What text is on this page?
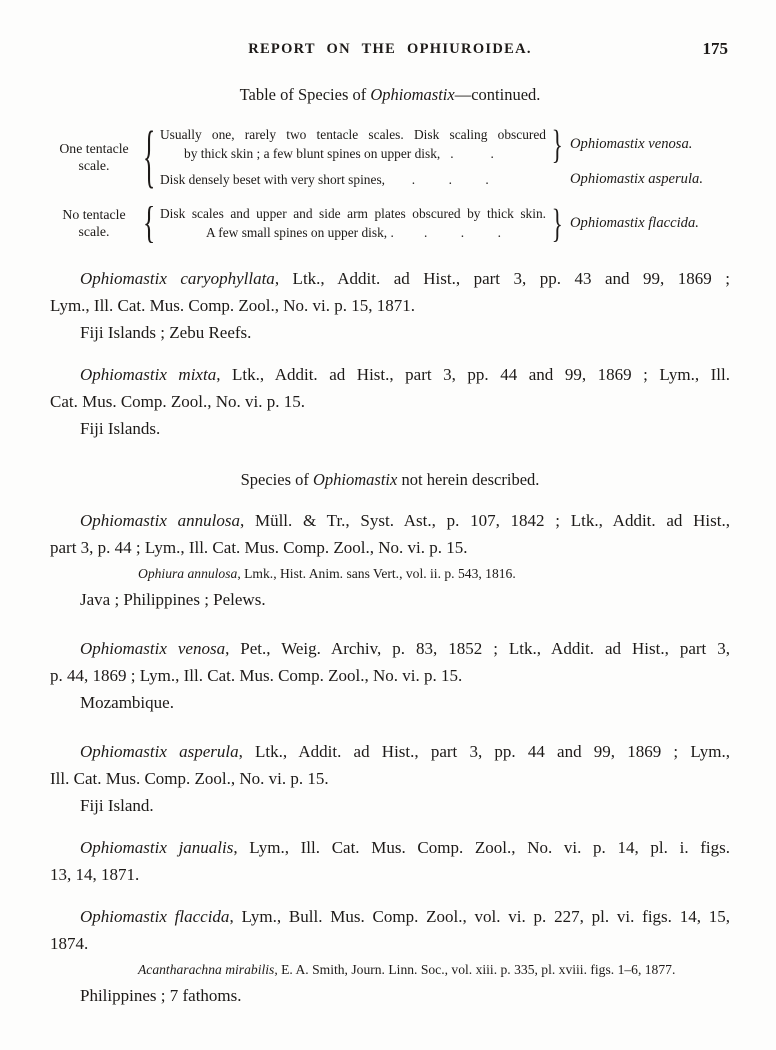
REPORT ON THE OPHIUROIDEA.	175
Table of Species of Ophiomastix—continued.
One tentacle
scale. { Usually one, rarely two tentacle scales. Disk scaling obscured
by thick skin ; a few blunt spines on upper disk,   .           .	} Ophiomastix venosa.
Disk densely beset with very short spines,        .          .          .	Ophiomastix asperula.
No tentacle
scale. { Disk scales and upper and side arm plates obscured by thick skin.
A few small spines on upper disk, .         .          .          .	} Ophiomastix flaccida.
Ophiomastix caryophyllata, Ltk., Addit. ad Hist., part 3, pp. 43 and 99, 1869 ;
Lym., Ill. Cat. Mus. Comp. Zool., No. vi. p. 15, 1871.
Fiji Islands ; Zebu Reefs.
Ophiomastix mixta, Ltk., Addit. ad Hist., part 3, pp. 44 and 99, 1869 ; Lym., Ill.
Cat. Mus. Comp. Zool., No. vi. p. 15.
Fiji Islands.
Species of Ophiomastix not herein described.
Ophiomastix annulosa, Müll. & Tr., Syst. Ast., p. 107, 1842 ; Ltk., Addit. ad Hist.,
part 3, p. 44 ; Lym., Ill. Cat. Mus. Comp. Zool., No. vi. p. 15.
Ophiura annulosa, Lmk., Hist. Anim. sans Vert., vol. ii. p. 543, 1816.
Java ; Philippines ; Pelews.
Ophiomastix venosa, Pet., Weig. Archiv, p. 83, 1852 ; Ltk., Addit. ad Hist., part 3,
p. 44, 1869 ; Lym., Ill. Cat. Mus. Comp. Zool., No. vi. p. 15.
Mozambique.
Ophiomastix asperula, Ltk., Addit. ad Hist., part 3, pp. 44 and 99, 1869 ; Lym.,
Ill. Cat. Mus. Comp. Zool., No. vi. p. 15.
Fiji Island.
Ophiomastix janualis, Lym., Ill. Cat. Mus. Comp. Zool., No. vi. p. 14, pl. i. figs.
13, 14, 1871.
Ophiomastix flaccida, Lym., Bull. Mus. Comp. Zool., vol. vi. p. 227, pl. vi. figs. 14, 15,
1874.
Acantharachna mirabilis, E. A. Smith, Journ. Linn. Soc., vol. xiii. p. 335, pl. xviii. figs. 1–6, 1877.
Philippines ; 7 fathoms.
